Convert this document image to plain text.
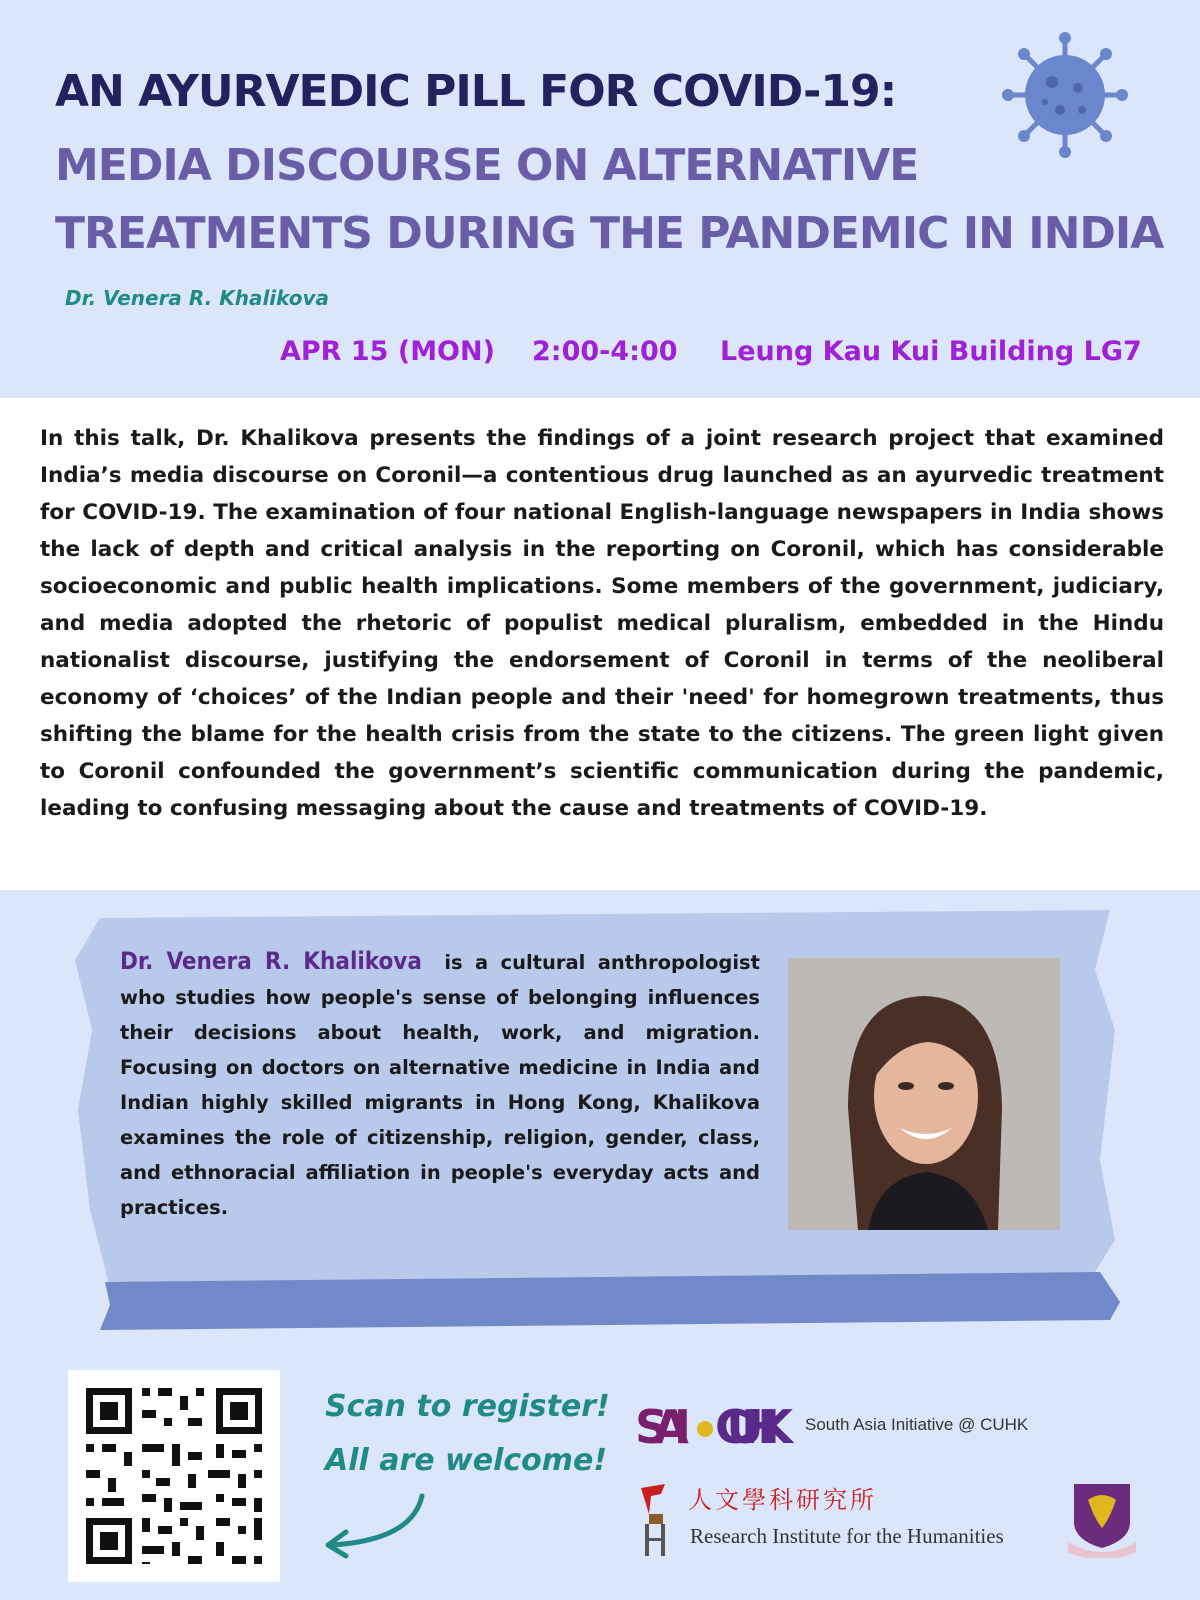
AN AYURVEDIC PILL FOR COVID-19:
MEDIA DISCOURSE ON ALTERNATIVE
TREATMENTS DURING THE PANDEMIC IN INDIA
Dr. Venera R. Khalikova
APR 15 (MON) 2:00-4:00 Leung Kau Kui Building LG7

In this talk, Dr. Khalikova presents the findings of a joint research project that examined India’s media discourse on Coronil—a contentious drug launched as an ayurvedic treatment for COVID-19. The examination of four national English-language newspapers in India shows the lack of depth and critical analysis in the reporting on Coronil, which has considerable socioeconomic and public health implications. Some members of the government, judiciary, and media adopted the rhetoric of populist medical pluralism, embedded in the Hindu nationalist discourse, justifying the endorsement of Coronil in terms of the neoliberal economy of ‘choices’ of the Indian people and their 'need' for homegrown treatments, thus shifting the blame for the health crisis from the state to the citizens. The green light given to Coronil confounded the government’s scientific communication during the pandemic, leading to confusing messaging about the cause and treatments of COVID-19.

Dr. Venera R. Khalikova is a cultural anthropologist who studies how people's sense of belonging influences their decisions about health, work, and migration. Focusing on doctors on alternative medicine in India and Indian highly skilled migrants in Hong Kong, Khalikova examines the role of citizenship, religion, gender, class, and ethnoracial affiliation in people's everyday acts and practices.
Scan to register!
All are welcome!
SAI CUHK South Asia Initiative @ CUHK
人文學科研究所
Research Institute for the Humanities
